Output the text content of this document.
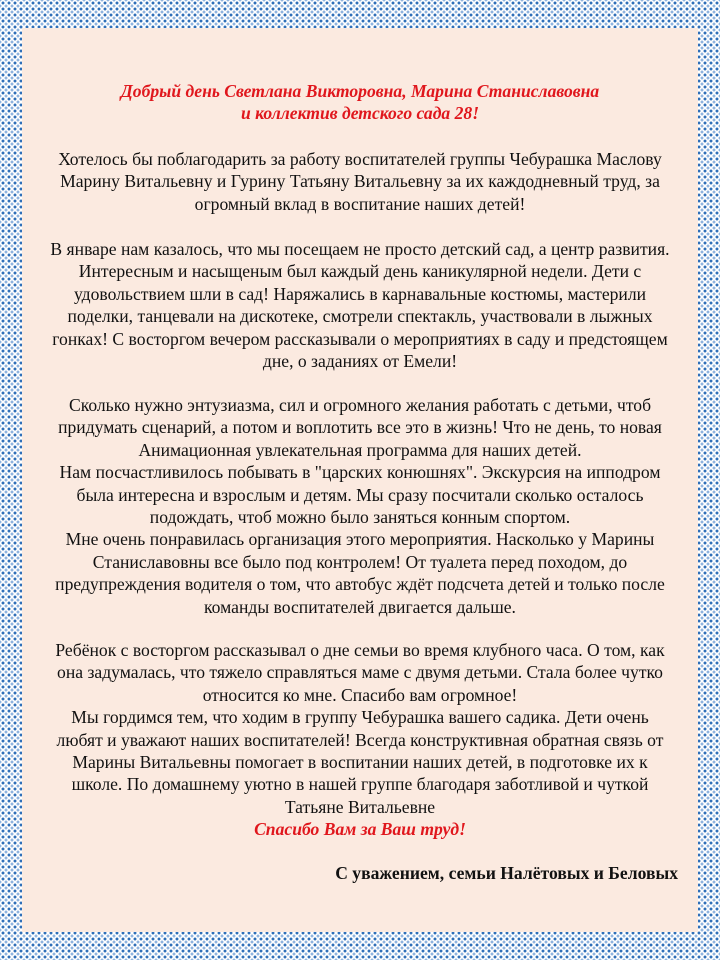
Добрый день Светлана Викторовна, Марина Станиславовна
и коллектив детского сада 28!
Хотелось бы поблагодарить за работу воспитателей группы Чебурашка Маслову
Марину Витальевну и Гурину Татьяну Витальевну за их каждодневный труд, за
огромный вклад в воспитание наших детей!
В январе нам казалось, что мы посещаем не просто детский сад, а центр развития.
Интересным и насыщеным был каждый день каникулярной недели. Дети с
удовольствием шли в сад! Наряжались в карнавальные костюмы, мастерили
поделки, танцевали на дискотеке, смотрели спектакль, участвовали в лыжных
гонках! С восторгом вечером рассказывали о мероприятиях в саду и предстоящем
дне, о заданиях от Емели!
Сколько нужно энтузиазма, сил и огромного желания работать с детьми, чтоб
придумать сценарий, а потом и воплотить все это в жизнь! Что не день, то новая
Анимационная увлекательная программа для наших детей.
Нам посчастливилось побывать в "царских конюшнях". Экскурсия на ипподром
была интересна и взрослым и детям. Мы сразу посчитали сколько осталось
подождать, чтоб можно было заняться конным спортом.
Мне очень понравилась организация этого мероприятия. Насколько у Марины
Станиславовны все было под контролем! От туалета перед походом, до
предупреждения водителя о том, что автобус ждёт подсчета детей и только после
команды воспитателей двигается дальше.
Ребёнок с восторгом рассказывал о дне семьи во время клубного часа. О том, как
она задумалась, что тяжело справляться маме с двумя детьми. Стала более чутко
относится ко мне. Спасибо вам огромное!
Мы гордимся тем, что ходим в группу Чебурашка вашего садика. Дети очень
любят и уважают наших воспитателей! Всегда конструктивная обратная связь от
Марины Витальевны помогает в воспитании наших детей, в подготовке их к
школе. По домашнему уютно в нашей группе благодаря заботливой и чуткой
Татьяне Витальевне
Спасибо Вам за Ваш труд!
С уважением, семьи Налётовых и Беловых
